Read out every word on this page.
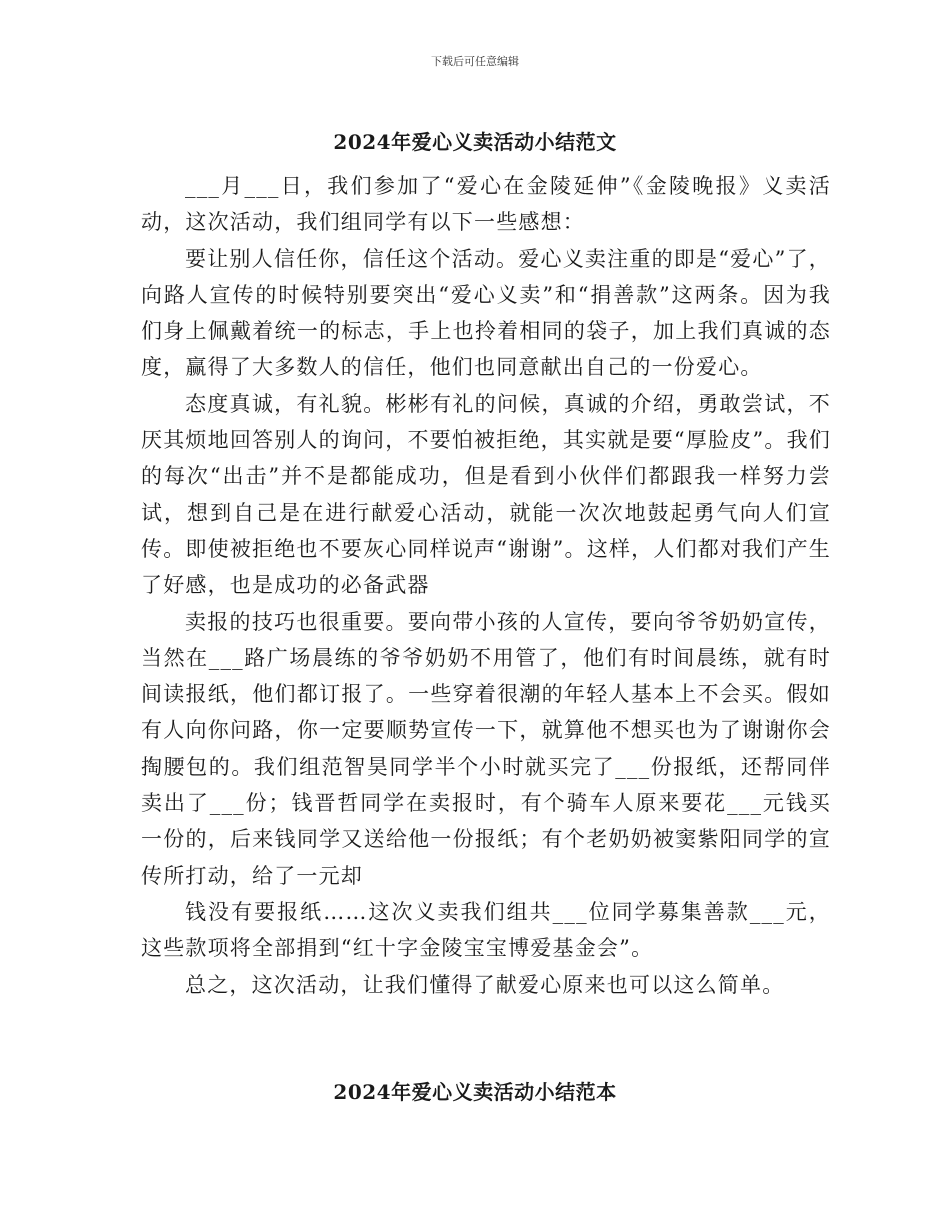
下载后可任意编辑
2024年爱心义卖活动小结范文

___月___日，我们参加了“爱心在金陵延伸”《金陵晚报》义卖活动，这次活动，我们组同学有以下一些感想：

要让别人信任你，信任这个活动。爱心义卖注重的即是“爱心”了，向路人宣传的时候特别要突出“爱心义卖”和“捐善款”这两条。因为我们身上佩戴着统一的标志，手上也拎着相同的袋子，加上我们真诚的态度，赢得了大多数人的信任，他们也同意献出自己的一份爱心。

态度真诚，有礼貌。彬彬有礼的问候，真诚的介绍，勇敢尝试，不厌其烦地回答别人的询问，不要怕被拒绝，其实就是要“厚脸皮”。我们的每次“出击”并不是都能成功，但是看到小伙伴们都跟我一样努力尝试，想到自己是在进行献爱心活动，就能一次次地鼓起勇气向人们宣传。即使被拒绝也不要灰心同样说声“谢谢”。这样，人们都对我们产生了好感，也是成功的必备武器

卖报的技巧也很重要。要向带小孩的人宣传，要向爷爷奶奶宣传，当然在___路广场晨练的爷爷奶奶不用管了，他们有时间晨练，就有时间读报纸，他们都订报了。一些穿着很潮的年轻人基本上不会买。假如有人向你问路，你一定要顺势宣传一下，就算他不想买也为了谢谢你会掏腰包的。我们组范智昊同学半个小时就买完了___份报纸，还帮同伴卖出了___份；钱晋哲同学在卖报时，有个骑车人原来要花___元钱买一份的，后来钱同学又送给他一份报纸；有个老奶奶被窦紫阳同学的宣传所打动，给了一元却

钱没有要报纸……这次义卖我们组共___位同学募集善款___元，这些款项将全部捐到“红十字金陵宝宝博爱基金会”。

总之，这次活动，让我们懂得了献爱心原来也可以这么简单。

2024年爱心义卖活动小结范本
